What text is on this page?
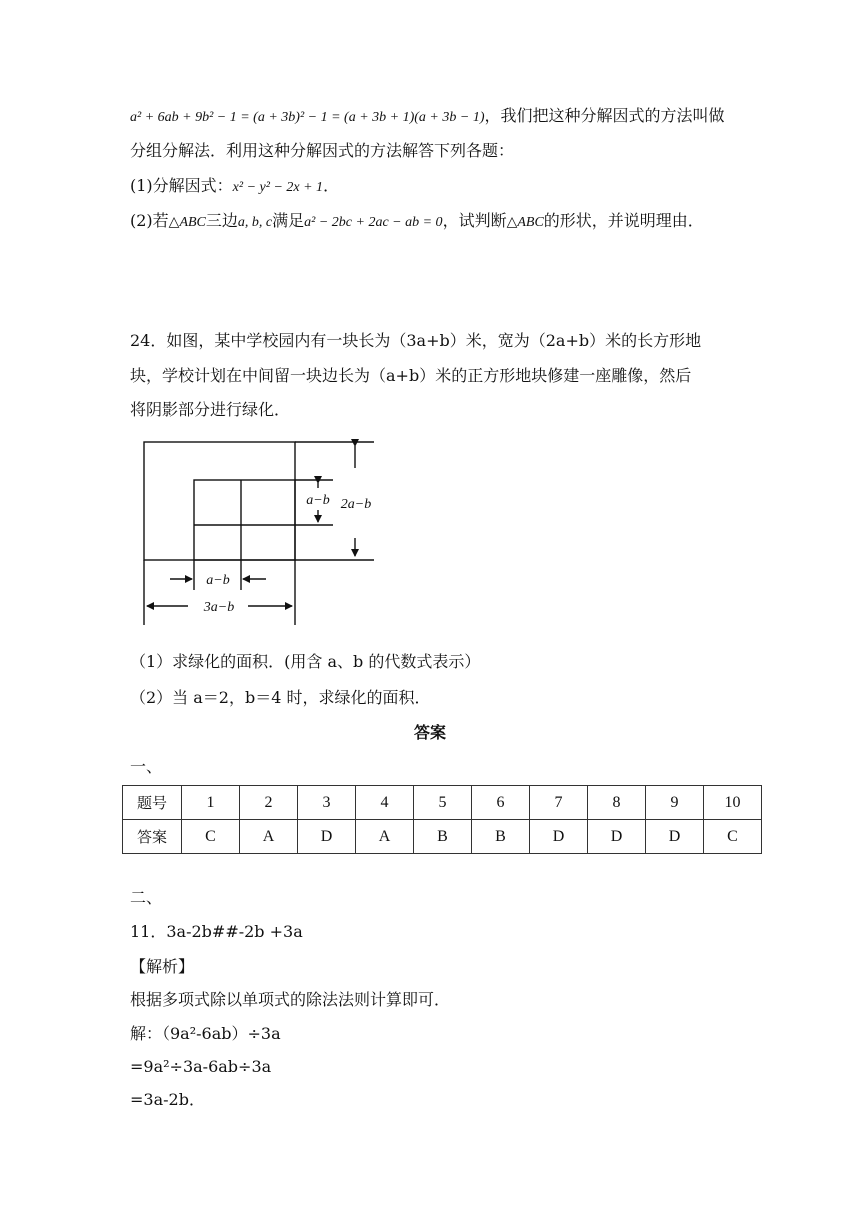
a² + 6ab + 9b² − 1 = (a + 3b)² − 1 = (a + 3b + 1)(a + 3b − 1)，我们把这种分解因式的方法叫做
分组分解法．利用这种分解因式的方法解答下列各题：
(1)分解因式：x² − y² − 2x + 1．
(2)若△ABC三边a, b, c满足a² − 2bc + 2ac − ab = 0，试判断△ABC的形状，并说明理由．
24．如图，某中学校园内有一块长为（3a+b）米，宽为（2a+b）米的长方形地
块，学校计划在中间留一块边长为（a+b）米的正方形地块修建一座雕像，然后
将阴影部分进行绿化．
2a−b
a−b
a−b
3a−b
（1）求绿化的面积．(用含 a、b 的代数式表示）
（2）当 a＝2，b＝4 时，求绿化的面积．
答案
一、
题号	1	2	3	4	5	6	7	8	9	10
答案	C	A	D	A	B	B	D	D	D	C
二、
11．3a-2b##-2b +3a
【解析】
根据多项式除以单项式的除法法则计算即可．
解：（9a²-6ab）÷3a
=9a²÷3a-6ab÷3a
=3a-2b．
